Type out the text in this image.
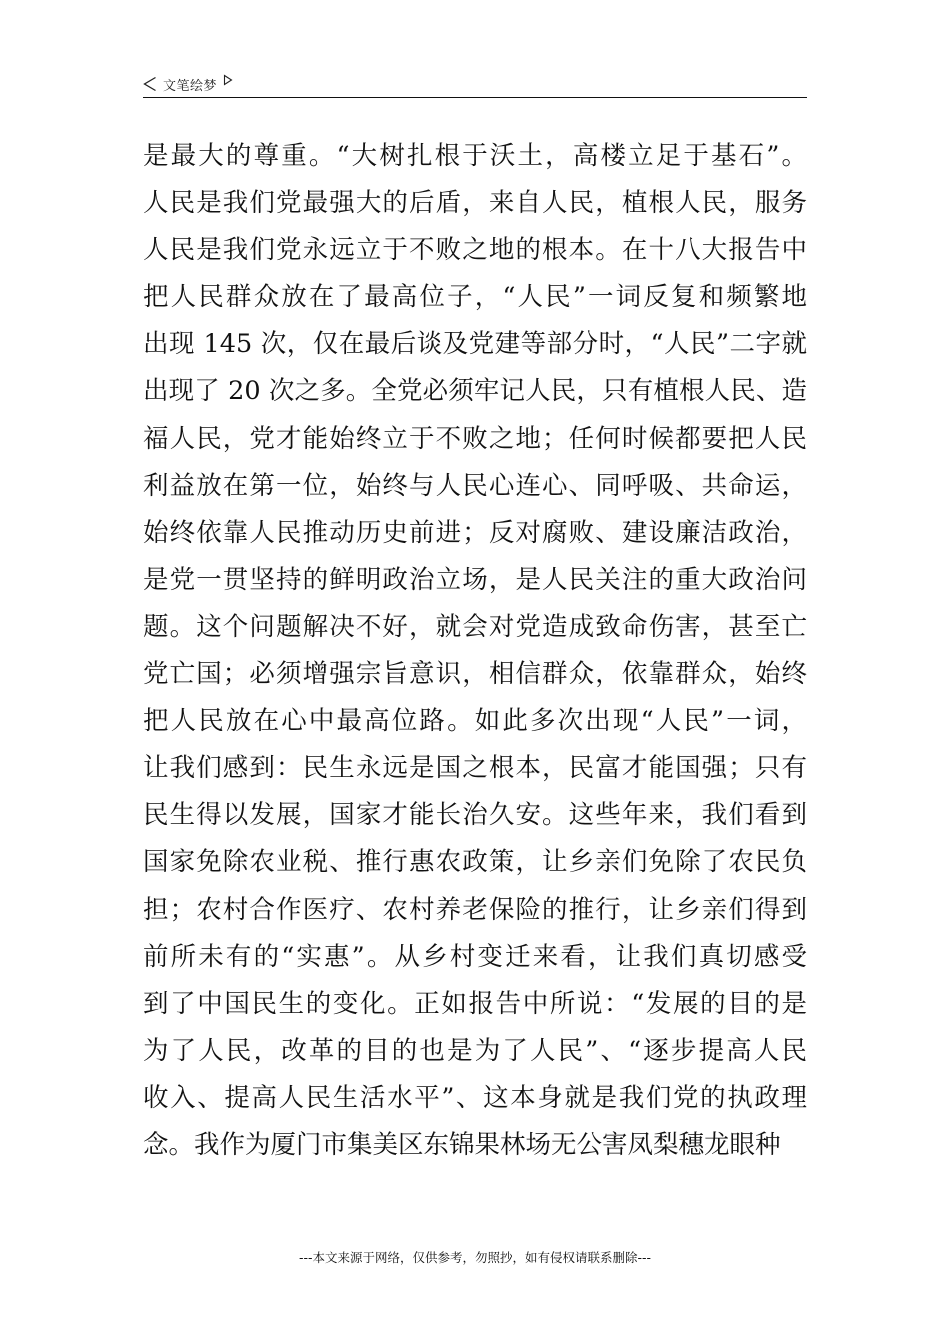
文笔绘梦
是最大的尊重。“大树扎根于沃土，高楼立足于基石”。
人民是我们党最强大的后盾，来自人民，植根人民，服务
人民是我们党永远立于不败之地的根本。在十八大报告中
把人民群众放在了最高位子，“人民”一词反复和频繁地
出现 145 次，仅在最后谈及党建等部分时，“人民”二字就
出现了 20 次之多。全党必须牢记人民，只有植根人民、造
福人民，党才能始终立于不败之地；任何时候都要把人民
利益放在第一位，始终与人民心连心、同呼吸、共命运，
始终依靠人民推动历史前进；反对腐败、建设廉洁政治，
是党一贯坚持的鲜明政治立场，是人民关注的重大政治问
题。这个问题解决不好，就会对党造成致命伤害，甚至亡
党亡国；必须增强宗旨意识，相信群众，依靠群众，始终
把人民放在心中最高位路。如此多次出现“人民”一词，
让我们感到：民生永远是国之根本，民富才能国强；只有
民生得以发展，国家才能长治久安。这些年来，我们看到
国家免除农业税、推行惠农政策，让乡亲们免除了农民负
担；农村合作医疗、农村养老保险的推行，让乡亲们得到
前所未有的“实惠”。从乡村变迁来看，让我们真切感受
到了中国民生的变化。正如报告中所说：“发展的目的是
为了人民，改革的目的也是为了人民”、“逐步提高人民
收入、提高人民生活水平”、这本身就是我们党的执政理
念。我作为厦门市集美区东锦果林场无公害凤梨穗龙眼种
---本文来源于网络，仅供参考，勿照抄，如有侵权请联系删除---
